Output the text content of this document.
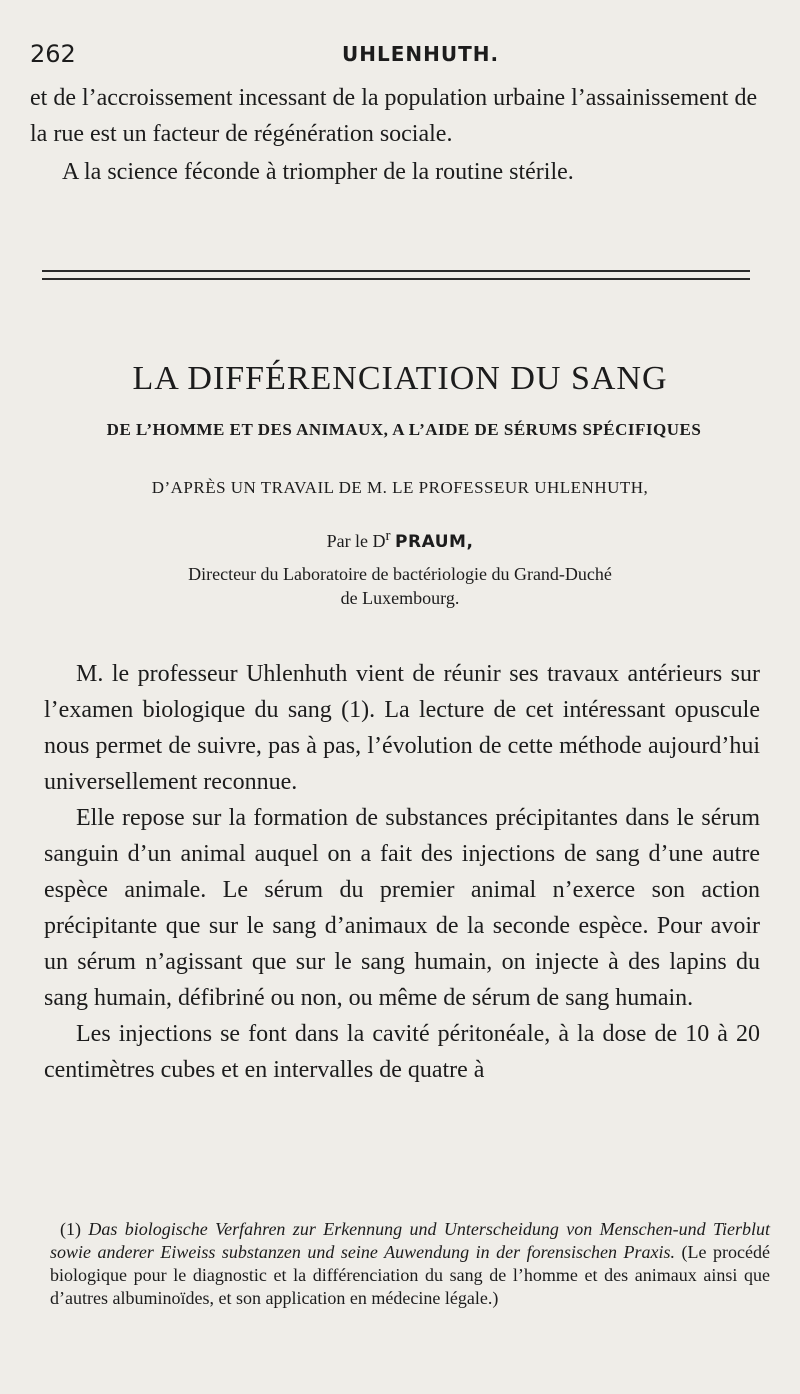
262	UHLENHUTH.

et de l’accroissement incessant de la population urbaine l’assainissement de la rue est un facteur de régénération sociale.

A la science féconde à triompher de la routine stérile.

LA DIFFÉRENCIATION DU SANG
DE L’HOMME ET DES ANIMAUX, A L’AIDE DE SÉRUMS SPÉCIFIQUES
D’APRÈS UN TRAVAIL DE M. LE PROFESSEUR UHLENHUTH,
Par le $D^r$ PRAUM,
Directeur du Laboratoire de bactériologie du Grand-Duché
de Luxembourg.

M. le professeur Uhlenhuth vient de réunir ses travaux antérieurs sur l’examen biologique du sang (1). La lecture de cet intéressant opuscule nous permet de suivre, pas à pas, l’évolution de cette méthode aujourd’hui universellement reconnue.

Elle repose sur la formation de substances précipitantes dans le sérum sanguin d’un animal auquel on a fait des injections de sang d’une autre espèce animale. Le sérum du premier animal n’exerce son action précipitante que sur le sang d’animaux de la seconde espèce. Pour avoir un sérum n’agissant que sur le sang humain, on injecte à des lapins du sang humain, défibriné ou non, ou même de sérum de sang humain.

Les injections se font dans la cavité péritonéale, à la dose de 10 à 20 centimètres cubes et en intervalles de quatre à

(1) Das biologische Verfahren zur Erkennung und Unterscheidung von Menschen-und Tierblut sowie anderer Eiweiss substanzen und seine Auwendung in der forensischen Praxis. (Le procédé biologique pour le diagnostic et la différenciation du sang de l’homme et des animaux ainsi que d’autres albuminoïdes, et son application en médecine légale.)
